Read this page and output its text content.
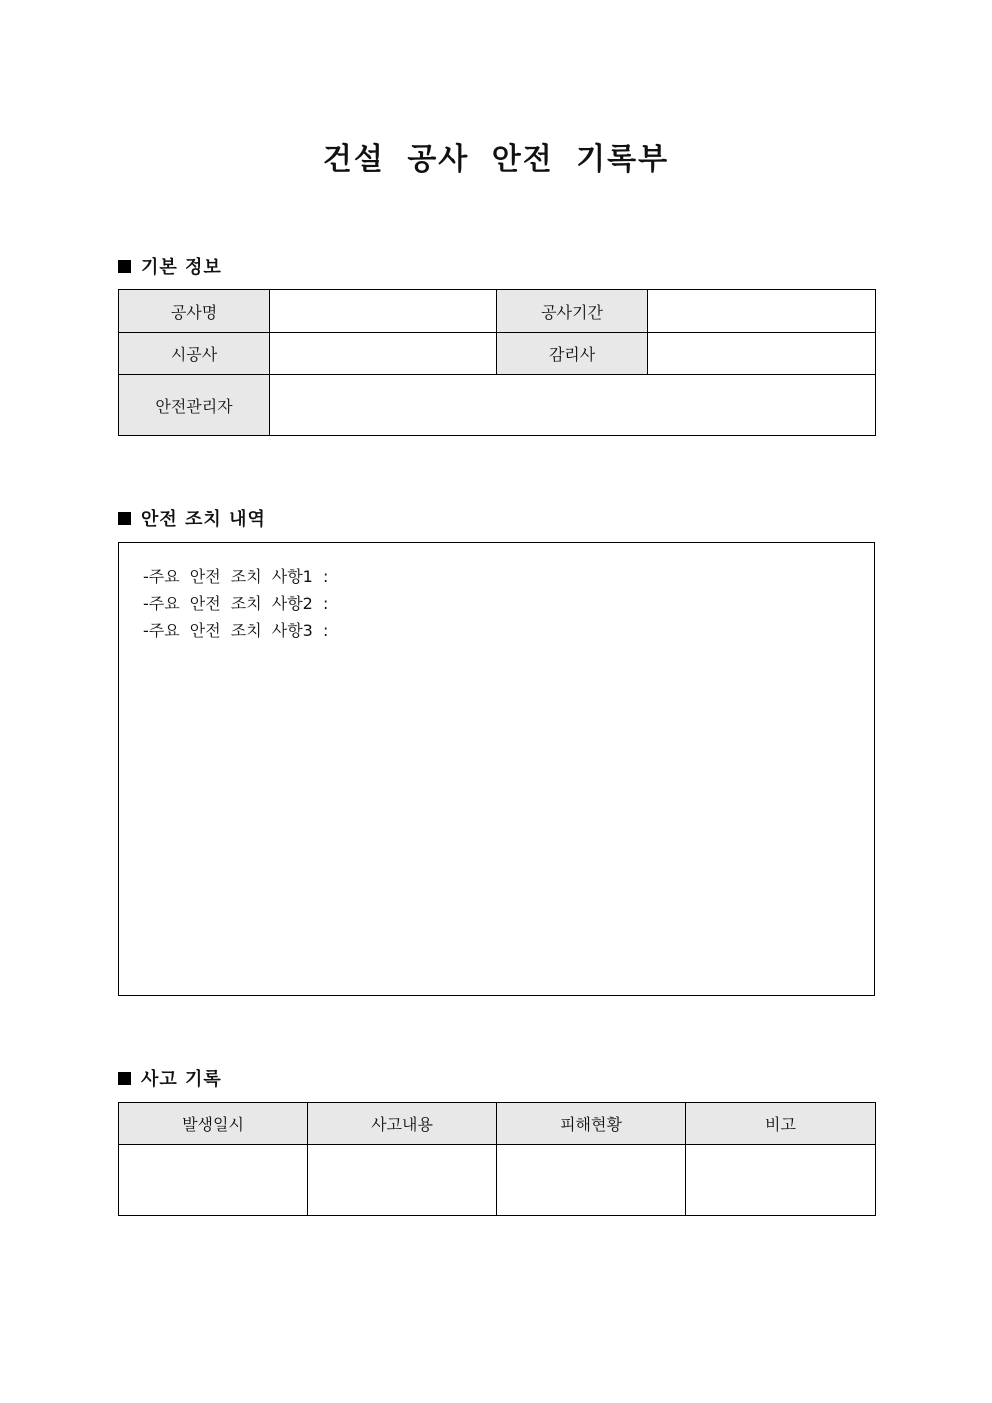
건설 공사 안전 기록부
기본 정보
공사명		공사기간	
시공사		감리사	
안전관리자			
안전 조치 내역
-주요 안전 조치 사항1 :
-주요 안전 조치 사항2 :
-주요 안전 조치 사항3 :
사고 기록
발생일시	사고내용	피해현황	비고
